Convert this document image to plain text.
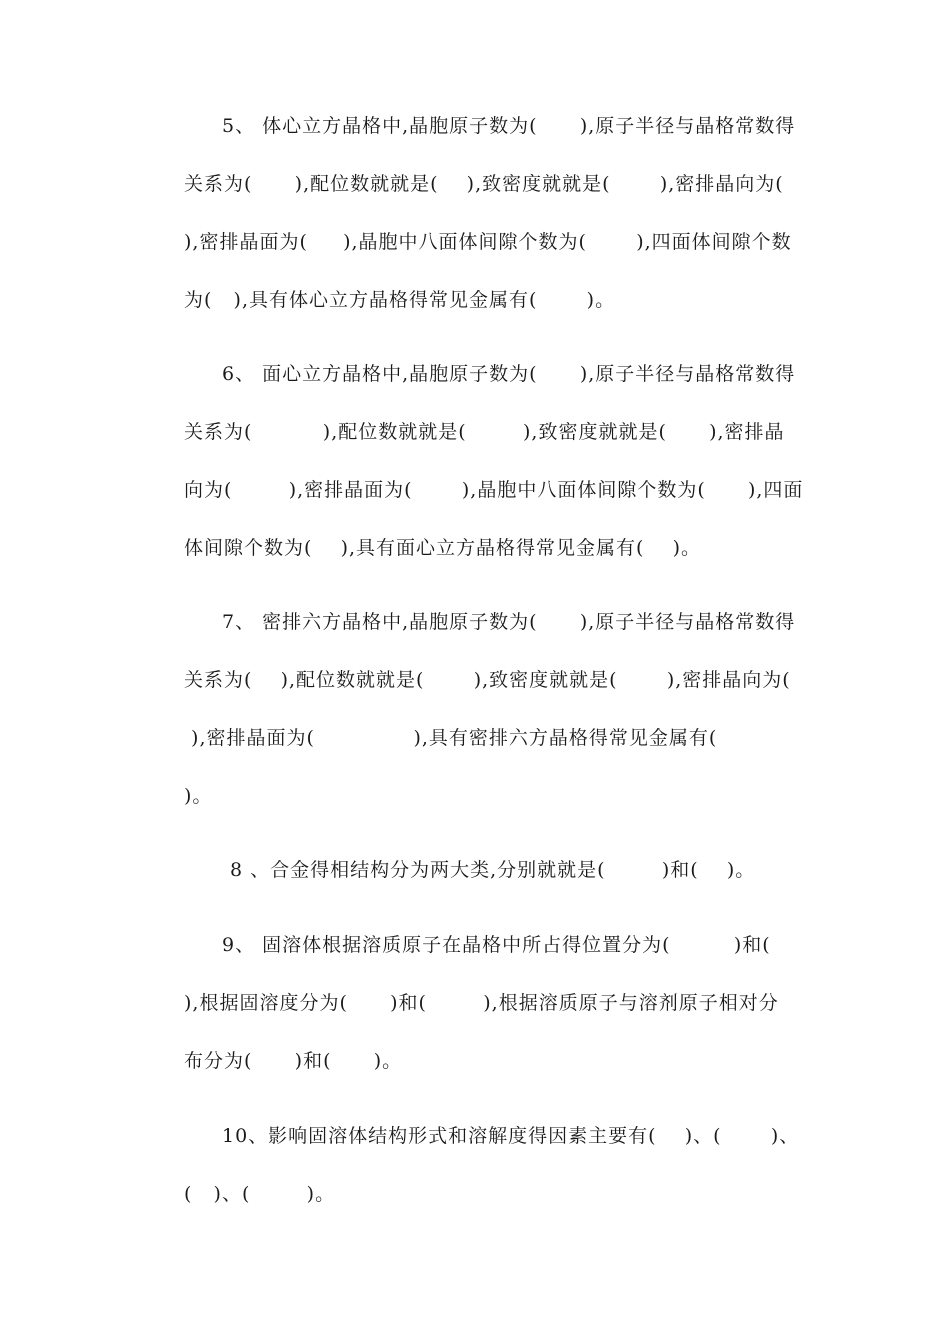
5、 体心立方晶格中,晶胞原子数为(      ),原子半径与晶格常数得

关系为(      ),配位数就就是(    ),致密度就就是(       ),密排晶向为(

),密排晶面为(     ),晶胞中八面体间隙个数为(       ),四面体间隙个数

为(   ),具有体心立方晶格得常见金属有(       )。

6、 面心立方晶格中,晶胞原子数为(      ),原子半径与晶格常数得

关系为(          ),配位数就就是(        ),致密度就就是(      ),密排晶

向为(        ),密排晶面为(       ),晶胞中八面体间隙个数为(      ),四面

体间隙个数为(    ),具有面心立方晶格得常见金属有(    )。

7、 密排六方晶格中,晶胞原子数为(      ),原子半径与晶格常数得

关系为(    ),配位数就就是(       ),致密度就就是(       ),密排晶向为(

),密排晶面为(              ),具有密排六方晶格得常见金属有(

)。

8 、合金得相结构分为两大类,分别就就是(        )和(    )。

9、 固溶体根据溶质原子在晶格中所占得位置分为(         )和(

),根据固溶度分为(      )和(        ),根据溶质原子与溶剂原子相对分

布分为(      )和(      )。

10、影响固溶体结构形式和溶解度得因素主要有(    )、(       )、

(   )、(        )。
